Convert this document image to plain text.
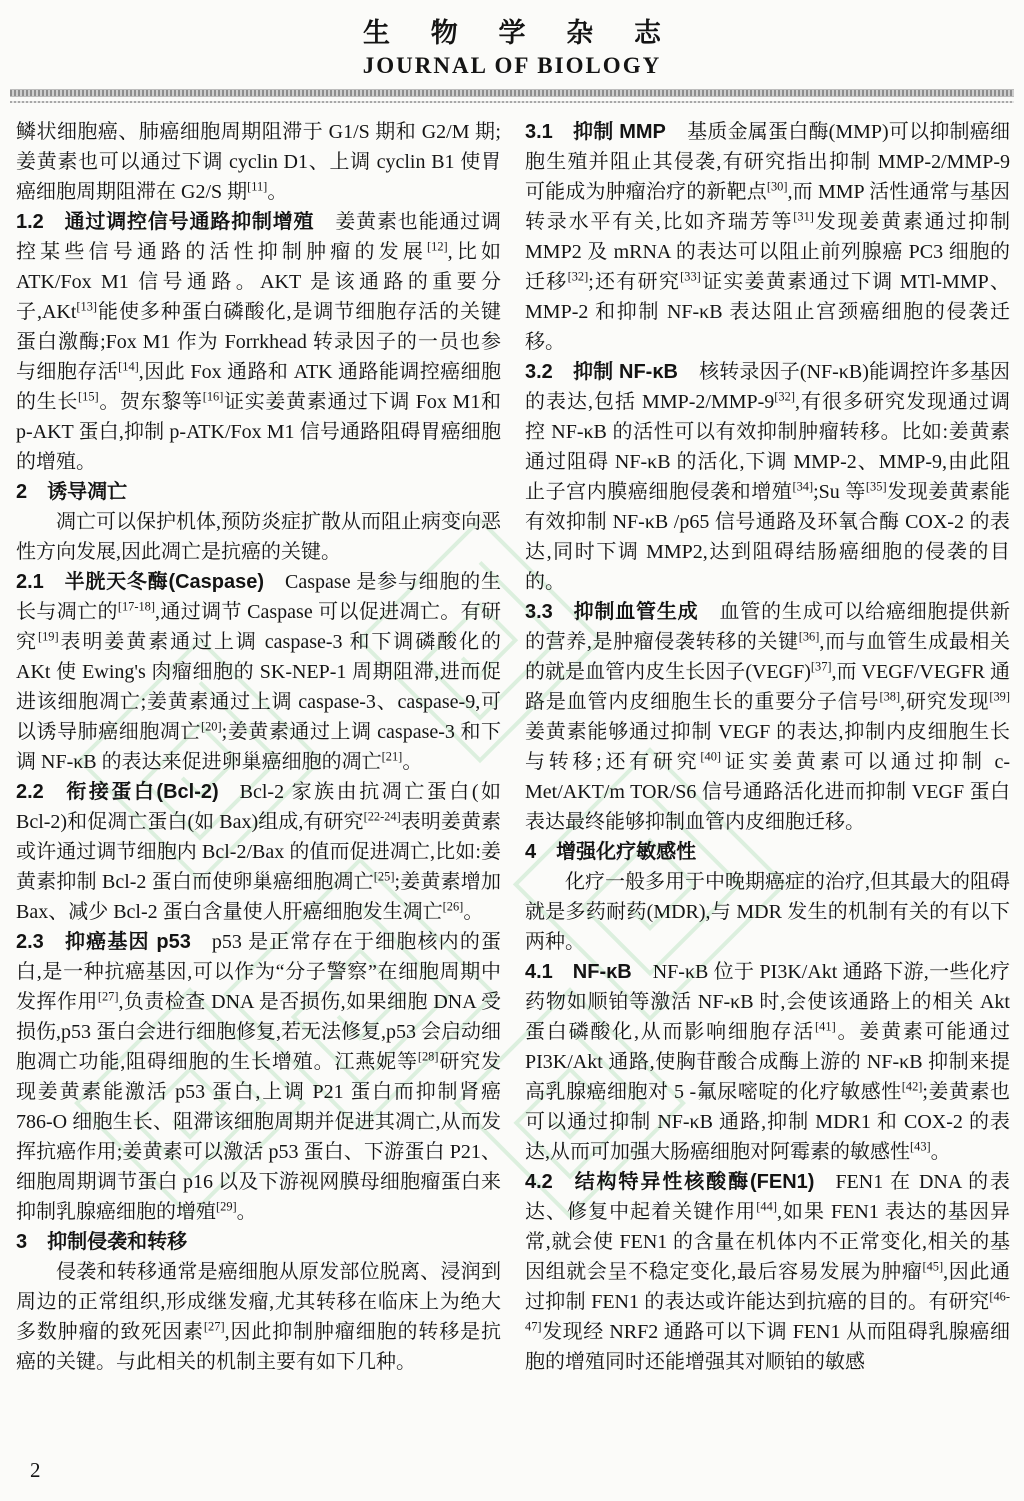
生 物 学 杂 志
JOURNAL OF BIOLOGY

鳞状细胞癌、肺癌细胞周期阻滞于 G1/S 期和 G2/M 期;姜黄素也可以通过下调 cyclin D1、上调 cyclin B1 使胃癌细胞周期阻滞在 G2/S 期[11]。

1.2  通过调控信号通路抑制增殖 姜黄素也能通过调控某些信号通路的活性抑制肿瘤的发展[12],比如 ATK/Fox M1 信号通路。AKT 是该通路的重要分子,AKt[13]能使多种蛋白磷酸化,是调节细胞存活的关键蛋白激酶;Fox M1 作为 Forrkhead 转录因子的一员也参与细胞存活[14],因此 Fox 通路和 ATK 通路能调控癌细胞的生长[15]。贺东黎等[16]证实姜黄素通过下调 Fox M1和 p-AKT 蛋白,抑制 p-ATK/Fox M1 信号通路阻碍胃癌细胞的增殖。

2  诱导凋亡

凋亡可以保护机体,预防炎症扩散从而阻止病变向恶性方向发展,因此凋亡是抗癌的关键。

2.1  半胱天冬酶(Caspase) Caspase 是参与细胞的生长与凋亡的[17-18],通过调节 Caspase 可以促进凋亡。有研究[19]表明姜黄素通过上调 caspase-3 和下调磷酸化的 AKt 使 Ewing's 肉瘤细胞的 SK-NEP-1 周期阻滞,进而促进该细胞凋亡;姜黄素通过上调 caspase-3、caspase-9,可以诱导肺癌细胞凋亡[20];姜黄素通过上调 caspase-3 和下调 NF-κB 的表达来促进卵巢癌细胞的凋亡[21]。

2.2  衔接蛋白(Bcl-2) Bcl-2 家族由抗凋亡蛋白(如 Bcl-2)和促凋亡蛋白(如 Bax)组成,有研究[22-24]表明姜黄素或许通过调节细胞内 Bcl-2/Bax 的值而促进凋亡,比如:姜黄素抑制 Bcl-2 蛋白而使卵巢癌细胞凋亡[25];姜黄素增加 Bax、减少 Bcl-2 蛋白含量使人肝癌细胞发生凋亡[26]。

2.3  抑癌基因 p53 p53 是正常存在于细胞核内的蛋白,是一种抗癌基因,可以作为“分子警察”在细胞周期中发挥作用[27],负责检查 DNA 是否损伤,如果细胞 DNA 受损伤,p53 蛋白会进行细胞修复,若无法修复,p53 会启动细胞凋亡功能,阻碍细胞的生长增殖。江燕妮等[28]研究发现姜黄素能激活 p53 蛋白,上调 P21 蛋白而抑制肾癌 786-O 细胞生长、阻滞该细胞周期并促进其凋亡,从而发挥抗癌作用;姜黄素可以激活 p53 蛋白、下游蛋白 P21、细胞周期调节蛋白 p16 以及下游视网膜母细胞瘤蛋白来抑制乳腺癌细胞的增殖[29]。

3  抑制侵袭和转移

侵袭和转移通常是癌细胞从原发部位脱离、浸润到周边的正常组织,形成继发瘤,尤其转移在临床上为绝大多数肿瘤的致死因素[27],因此抑制肿瘤细胞的转移是抗癌的关键。与此相关的机制主要有如下几种。

3.1  抑制 MMP 基质金属蛋白酶(MMP)可以抑制癌细胞生殖并阻止其侵袭,有研究指出抑制 MMP-2/MMP-9 可能成为肿瘤治疗的新靶点[30],而 MMP 活性通常与基因转录水平有关,比如齐瑞芳等[31]发现姜黄素通过抑制 MMP2 及 mRNA 的表达可以阻止前列腺癌 PC3 细胞的迁移[32];还有研究[33]证实姜黄素通过下调 MTl-MMP、MMP-2 和抑制 NF-κB 表达阻止宫颈癌细胞的侵袭迁移。

3.2  抑制 NF-κB 核转录因子(NF-κB)能调控许多基因的表达,包括 MMP-2/MMP-9[32],有很多研究发现通过调控 NF-κB 的活性可以有效抑制肿瘤转移。比如:姜黄素通过阻碍 NF-κB 的活化,下调 MMP-2、MMP-9,由此阻止子宫内膜癌细胞侵袭和增殖[34];Su 等[35]发现姜黄素能有效抑制 NF-κB /p65 信号通路及环氧合酶 COX-2 的表达,同时下调 MMP2,达到阻碍结肠癌细胞的侵袭的目的。

3.3  抑制血管生成 血管的生成可以给癌细胞提供新的营养,是肿瘤侵袭转移的关键[36],而与血管生成最相关的就是血管内皮生长因子(VEGF)[37],而 VEGF/VEGFR 通路是血管内皮细胞生长的重要分子信号[38],研究发现[39]姜黄素能够通过抑制 VEGF 的表达,抑制内皮细胞生长与转移;还有研究[40]证实姜黄素可以通过抑制 c-Met/AKT/m TOR/S6 信号通路活化进而抑制 VEGF 蛋白表达最终能够抑制血管内皮细胞迁移。

4  增强化疗敏感性

化疗一般多用于中晚期癌症的治疗,但其最大的阻碍就是多药耐药(MDR),与 MDR 发生的机制有关的有以下两种。

4.1  NF-κB NF-κB 位于 PI3K/Akt 通路下游,一些化疗药物如顺铂等激活 NF-κB 时,会使该通路上的相关 Akt 蛋白磷酸化,从而影响细胞存活[41]。姜黄素可能通过 PI3K/Akt 通路,使胸苷酸合成酶上游的 NF-κB 抑制来提高乳腺癌细胞对 5 -氟尿嘧啶的化疗敏感性[42];姜黄素也可以通过抑制 NF-κB 通路,抑制 MDR1 和 COX-2 的表达,从而可加强大肠癌细胞对阿霉素的敏感性[43]。

4.2  结构特异性核酸酶(FEN1) FEN1 在 DNA 的表达、修复中起着关键作用[44],如果 FEN1 表达的基因异常,就会使 FEN1 的含量在机体内不正常变化,相关的基因组就会呈不稳定变化,最后容易发展为肿瘤[45],因此通过抑制 FEN1 的表达或许能达到抗癌的目的。有研究[46-47]发现经 NRF2 通路可以下调 FEN1 从而阻碍乳腺癌细胞的增殖同时还能增强其对顺铂的敏感

2
